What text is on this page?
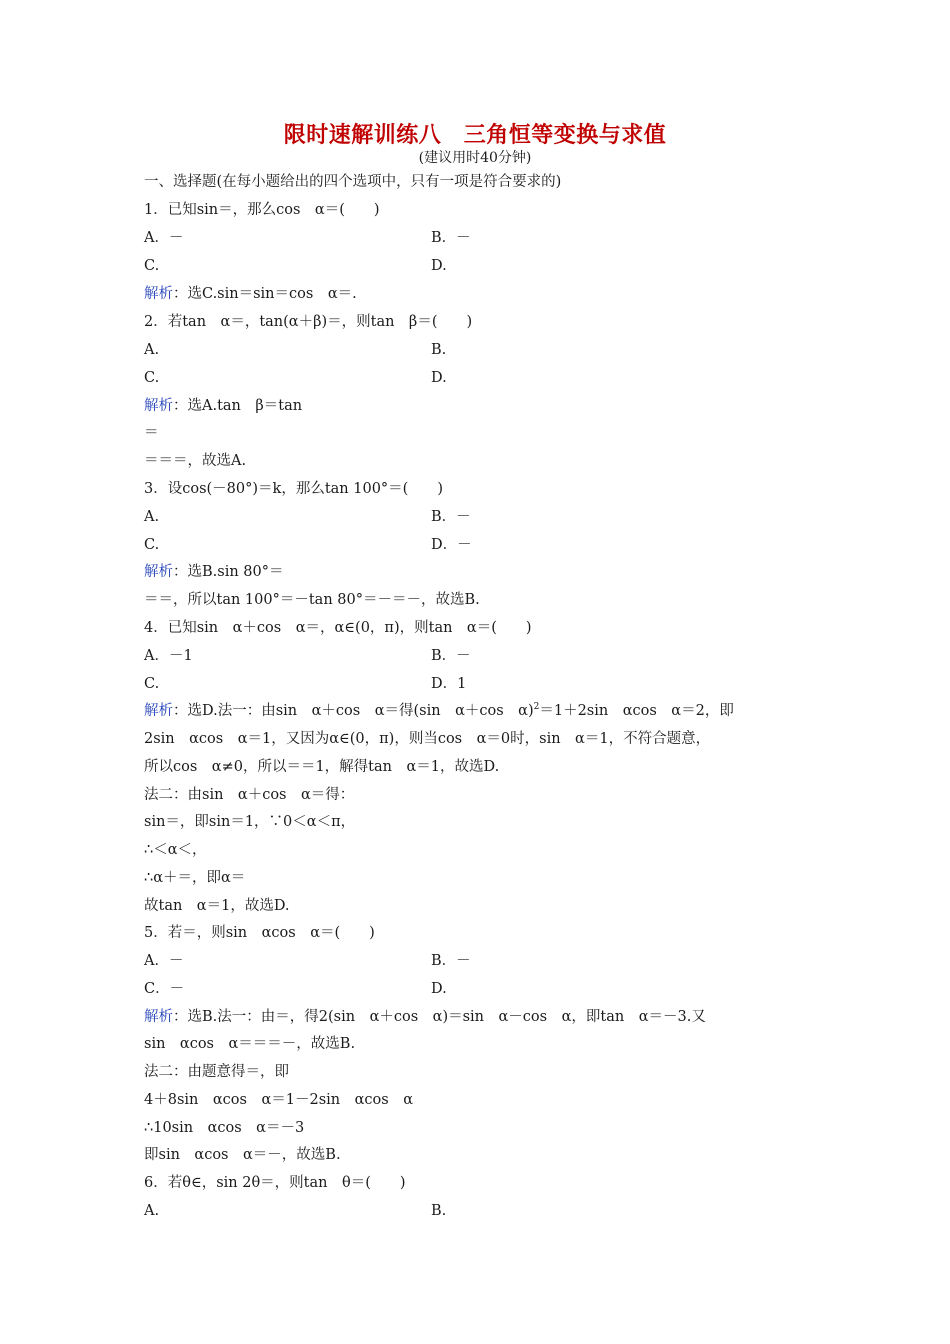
限时速解训练八　三角恒等变换与求值
(建议用时40分钟)
一、选择题(在每小题给出的四个选项中，只有一项是符合要求的)
1．已知sin＝，那么cos　α＝(　　)
A．－	B．－
C.	D.
解析：选C.sin＝sin＝cos　α＝.
2．若tan　α＝，tan(α＋β)＝，则tan　β＝(　　)
A.	B.
C.	D.
解析：选A.tan　β＝tan
＝
＝＝＝，故选A.
3．设cos(－80°)＝k，那么tan 100°＝(　　)
A.	B．－
C.	D．－
解析：选B.sin 80°＝
＝＝，所以tan 100°＝－tan 80°＝－＝－，故选B.
4．已知sin　α＋cos　α＝，α∈(0，π)，则tan　α＝(　　)
A．－1	B．－
C.	D．1
解析：选D.法一：由sin　α＋cos　α＝得(sin　α＋cos　α)$^2$＝1＋2sin　αcos　α＝2，即
2sin　αcos　α＝1，又因为α∈(0，π)，则当cos　α＝0时，sin　α＝1，不符合题意，
所以cos　α≠0，所以＝＝1，解得tan　α＝1，故选D.
法二：由sin　α＋cos　α＝得：
sin＝，即sin＝1，∵0＜α＜π，
∴＜α＜，
∴α＋＝，即α＝
故tan　α＝1，故选D.
5．若＝，则sin　αcos　α＝(　　)
A．－	B．－
C．－	D.
解析：选B.法一：由＝，得2(sin　α＋cos　α)＝sin　α－cos　α，即tan　α＝－3.又
sin　αcos　α＝＝＝－，故选B.
法二：由题意得＝，即
4＋8sin　αcos　α＝1－2sin　αcos　α
∴10sin　αcos　α＝－3
即sin　αcos　α＝－，故选B.
6．若θ∈，sin 2θ＝，则tan　θ＝(　　)
A.	B.
